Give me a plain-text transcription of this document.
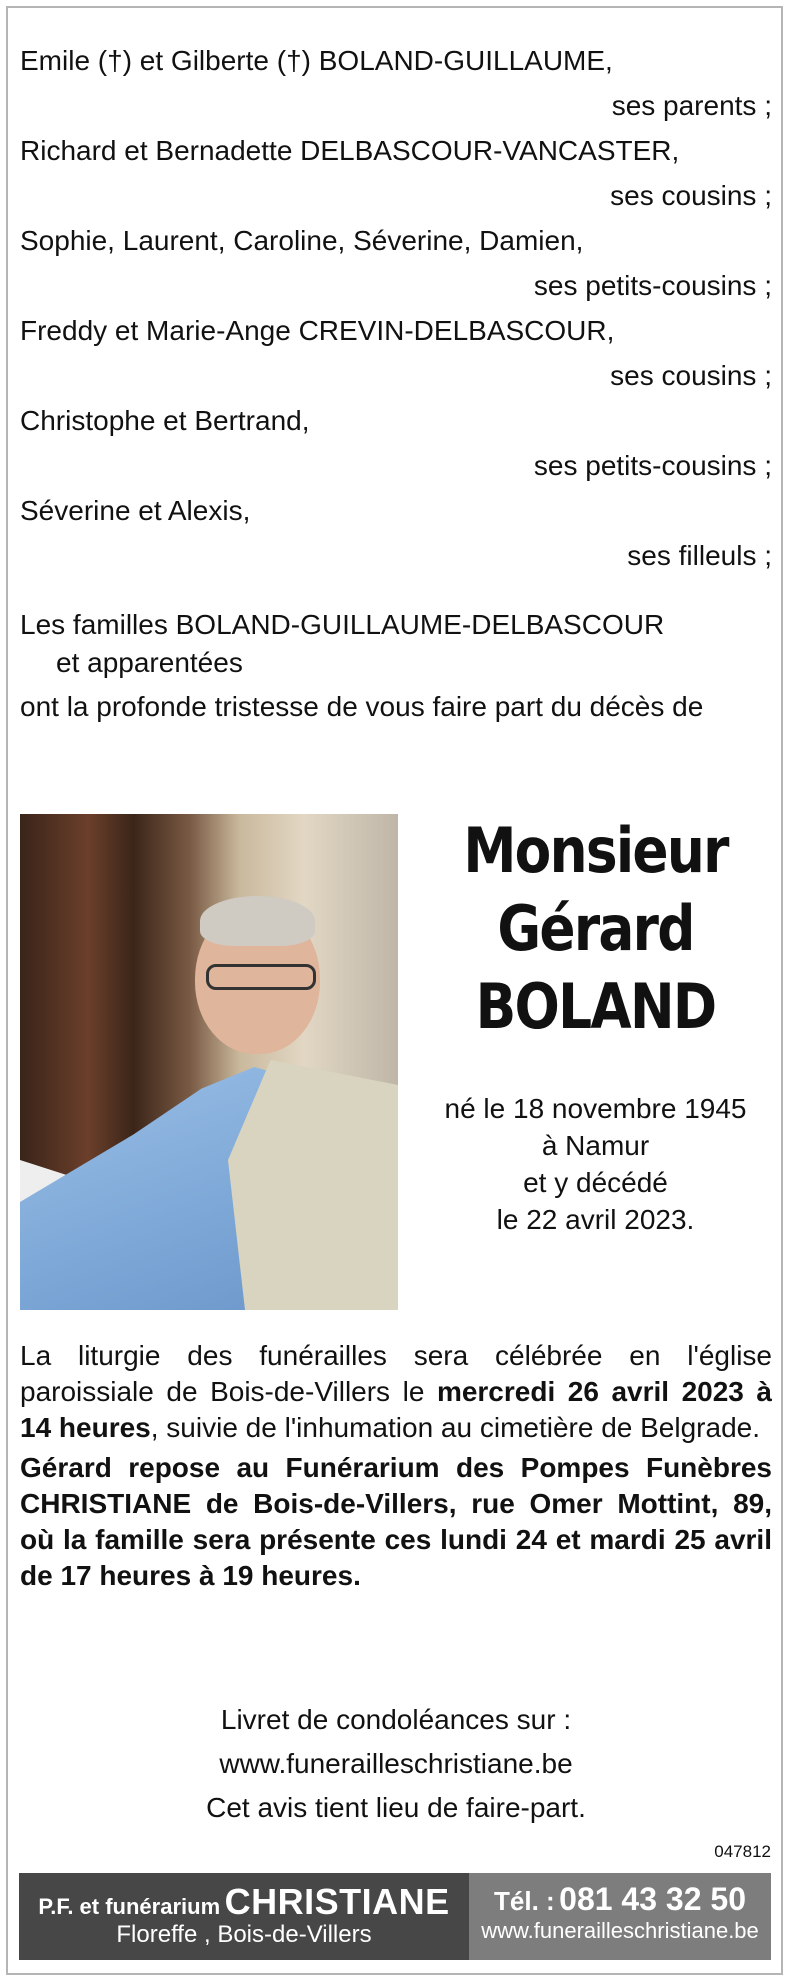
Emile (†) et Gilberte (†) BOLAND-GUILLAUME,
ses parents ;
Richard et Bernadette DELBASCOUR-VANCASTER,
ses cousins ;
Sophie, Laurent, Caroline, Séverine, Damien,
ses petits-cousins ;
Freddy et Marie-Ange CREVIN-DELBASCOUR,
ses cousins ;
Christophe et Bertrand,
ses petits-cousins ;
Séverine et Alexis,
ses filleuls ;
Les familles BOLAND-GUILLAUME-DELBASCOUR
et apparentées
ont la profonde tristesse de vous faire part du décès de
Monsieur
Gérard
BOLAND
né le 18 novembre 1945
à Namur
et y décédé
le 22 avril 2023.

La liturgie des funérailles sera célébrée en l'église paroissiale de Bois-de-Villers le mercredi 26 avril 2023 à 14 heures, suivie de l'inhumation au cimetière de Belgrade.

Gérard repose au Funérarium des Pompes Funèbres CHRISTIANE de Bois-de-Villers, rue Omer Mottint, 89, où la famille sera présente ces lundi 24 et mardi 25 avril de 17 heures à 19 heures.

Livret de condoléances sur :
www.funerailleschristiane.be
Cet avis tient lieu de faire-part.
047812
P.F. et funérarium CHRISTIANE
Floreffe , Bois-de-Villers
Tél. : 081 43 32 50
www.funerailleschristiane.be
